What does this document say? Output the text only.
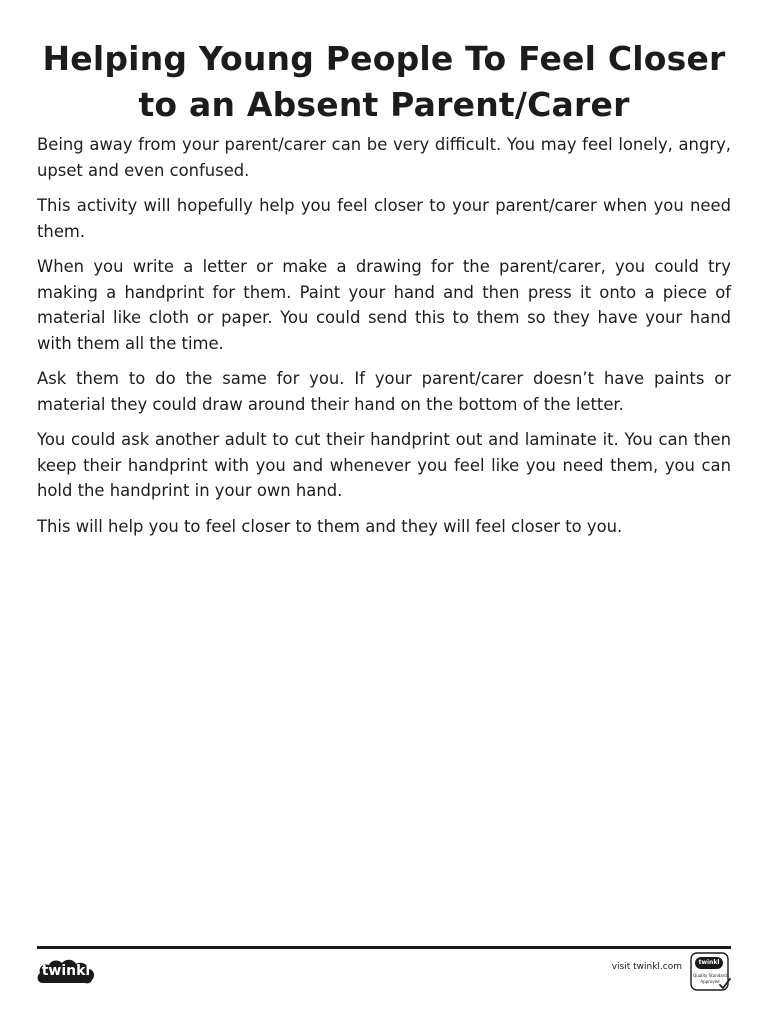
Helping Young People To Feel Closer
to an Absent Parent/Carer

Being away from your parent/carer can be very difficult. You may feel lonely, angry, upset and even confused.

This activity will hopefully help you feel closer to your parent/carer when you need them.

When you write a letter or make a drawing for the parent/carer, you could try making a handprint for them. Paint your hand and then press it onto a piece of material like cloth or paper. You could send this to them so they have your hand with them all the time.

Ask them to do the same for you. If your parent/carer doesn’t have paints or material they could draw around their hand on the bottom of the letter.

You could ask another adult to cut their handprint out and laminate it. You can then keep their handprint with you and whenever you feel like you need them, you can hold the handprint in your own hand.

This will help you to feel closer to them and they will feel closer to you.

twinkl	visit twinkl.com	twinkl
Quality Standard
Approved
